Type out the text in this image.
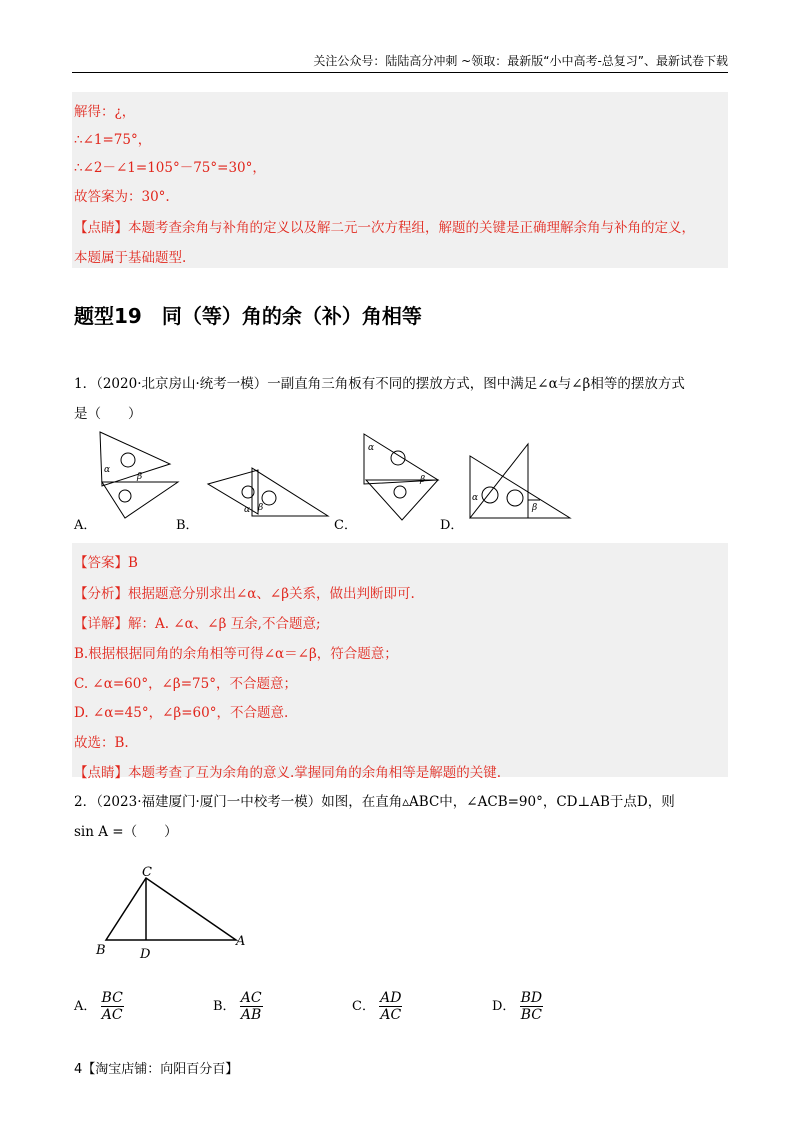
关注公众号：陆陆高分冲刺 ~领取：最新版“小中高考-总复习”、最新试卷下载
解得：¿，
∴∠1=75°，
∴∠2－∠1=105°－75°=30°，
故答案为：30°.
【点睛】本题考查余角与补角的定义以及解二元一次方程组，解题的关键是正确理解余角与补角的定义，
本题属于基础题型.
题型19　同（等）角的余（补）角相等
1．（2020·北京房山·统考一模）一副直角三角板有不同的摆放方式，图中满足∠α与∠β相等的摆放方式
是（　　）
α
β
α β
α
β
α
β
A．	B．	C．	D．
【答案】B
【分析】根据题意分别求出∠α、∠β关系，做出判断即可.
【详解】解：A. ∠α、∠β 互余,不合题意;
B.根据根据同角的余角相等可得∠α＝∠β，符合题意；
C. ∠α=60°，∠β=75°，不合题意；
D. ∠α=45°，∠β=60°，不合题意.
故选：B.
【点睛】本题考查了互为余角的意义.掌握同角的余角相等是解题的关键.
2．（2023·福建厦门·厦门一中校考一模）如图，在直角▵ABC中，∠ACB=90°，CD⊥AB于点D，则
sin A =（　　）
C
B	D
A
A． $\frac{BC}{AC}$	B． $\frac{AC}{AB}$	C． $\frac{AD}{AC}$	D． $\frac{BD}{BC}$
4【淘宝店铺：向阳百分百】
